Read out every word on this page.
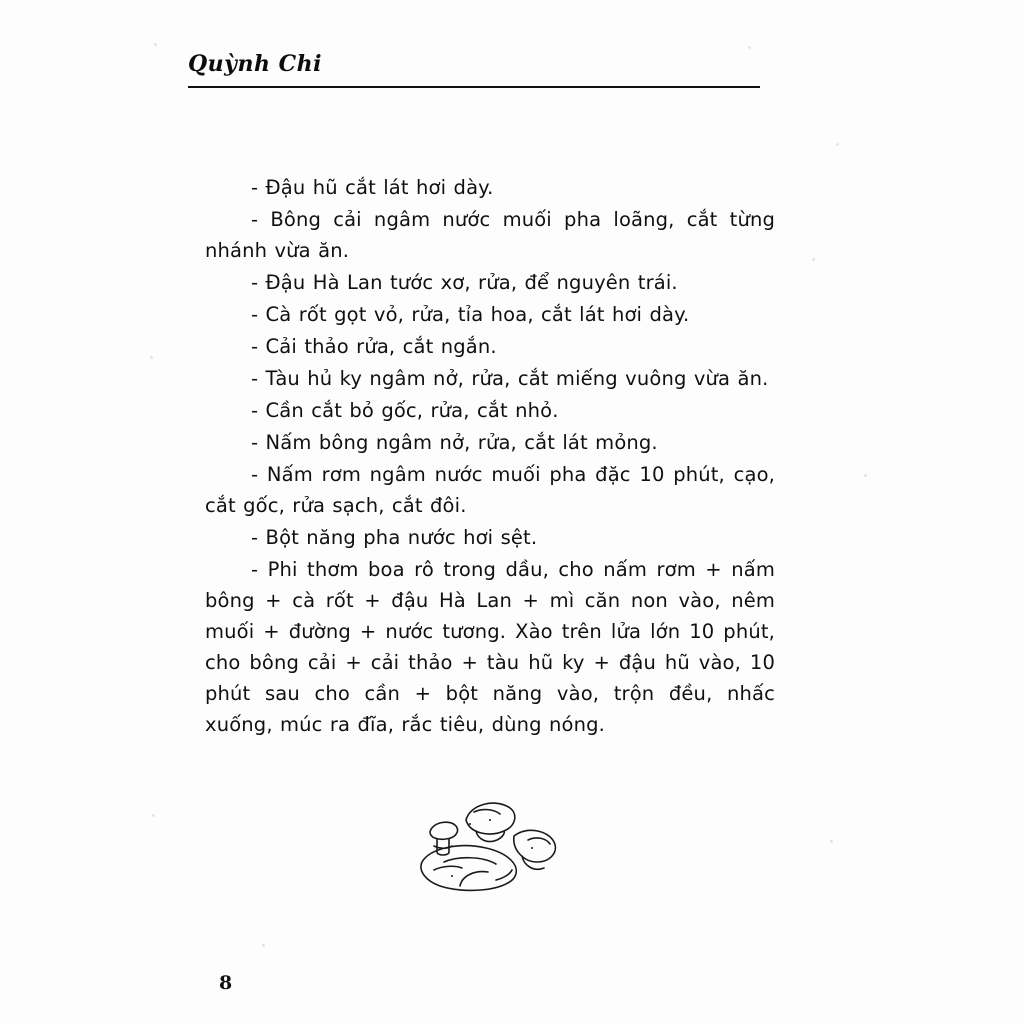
Quỳnh Chi

- Đậu hũ cắt lát hơi dày.

- Bông cải ngâm nước muối pha loãng, cắt từng nhánh vừa ăn.

- Đậu Hà Lan tước xơ, rửa, để nguyên trái.

- Cà rốt gọt vỏ, rửa, tỉa hoa, cắt lát hơi dày.

- Cải thảo rửa, cắt ngắn.

- Tàu hủ ky ngâm nở, rửa, cắt miếng vuông vừa ăn.

- Cần cắt bỏ gốc, rửa, cắt nhỏ.

- Nấm bông ngâm nở, rửa, cắt lát mỏng.

- Nấm rơm ngâm nước muối pha đặc 10 phút, cạo, cắt gốc, rửa sạch, cắt đôi.

- Bột năng pha nước hơi sệt.

- Phi thơm boa rô trong dầu, cho nấm rơm + nấm bông + cà rốt + đậu Hà Lan + mì căn non vào, nêm muối + đường + nước tương. Xào trên lửa lớn 10 phút, cho bông cải + cải thảo + tàu hũ ky + đậu hũ vào, 10 phút sau cho cần + bột năng vào, trộn đều, nhấc xuống, múc ra đĩa, rắc tiêu, dùng nóng.

8
